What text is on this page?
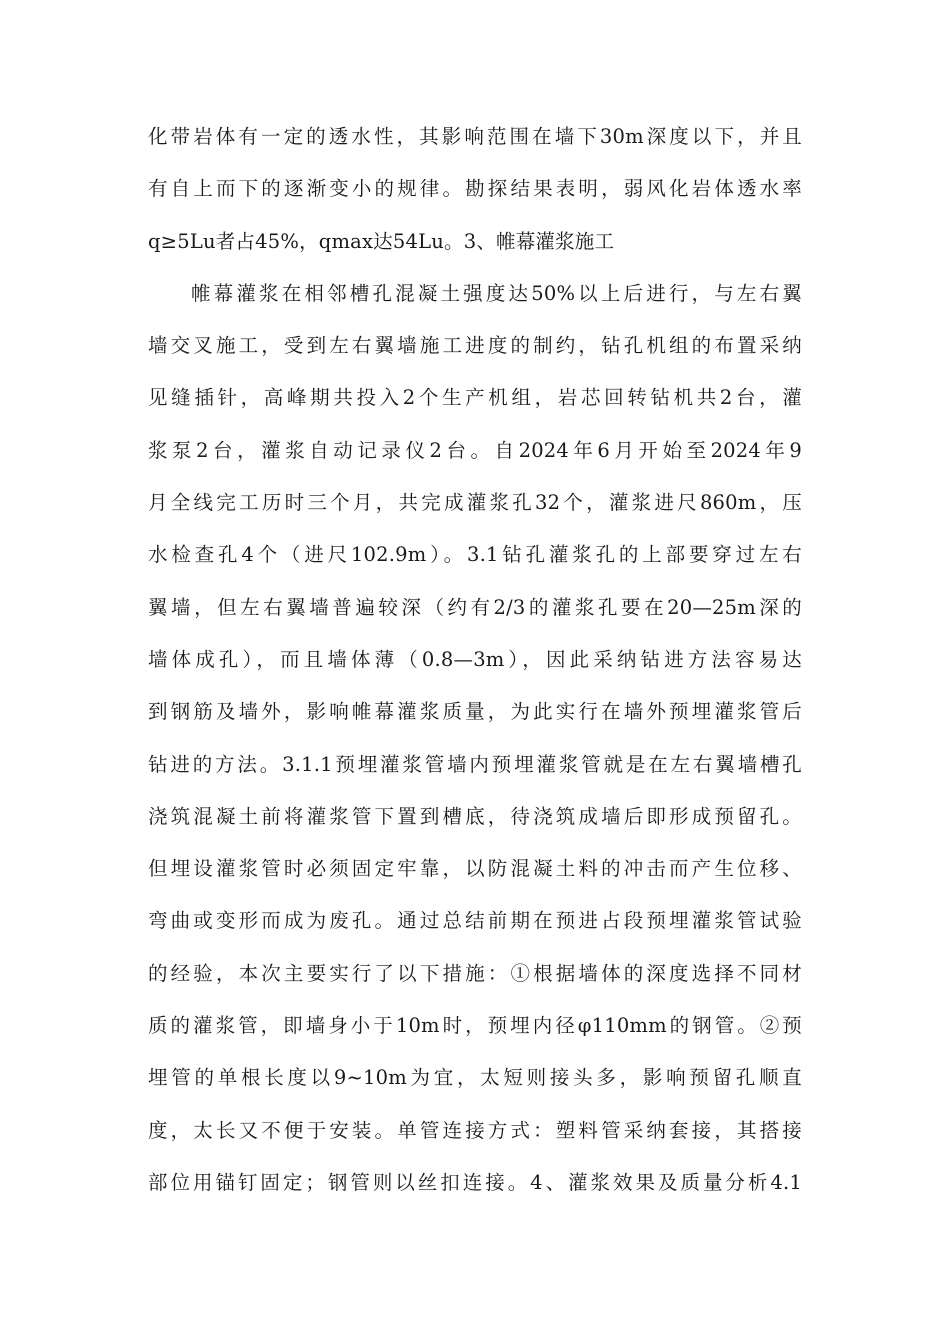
化带岩体有一定的透水性，其影响范围在墙下30m深度以下，并且
有自上而下的逐渐变小的规律。勘探结果表明，弱风化岩体透水率
q≥5Lu者占45%，qmax达54Lu。3、帷幕灌浆施工
帷幕灌浆在相邻槽孔混凝土强度达50%以上后进行，与左右翼
墙交叉施工，受到左右翼墙施工进度的制约，钻孔机组的布置采纳
见缝插针，高峰期共投入2个生产机组，岩芯回转钻机共2台，灌
浆泵2台，灌浆自动记录仪2台。自2024年6月开始至2024年9
月全线完工历时三个月，共完成灌浆孔32个，灌浆进尺860m，压
水检查孔4个（进尺102.9m）。3.1钻孔灌浆孔的上部要穿过左右
翼墙，但左右翼墙普遍较深（约有2/3的灌浆孔要在20—25m深的
墙体成孔），而且墙体薄（0.8—3m），因此采纳钻进方法容易达
到钢筋及墙外，影响帷幕灌浆质量，为此实行在墙外预埋灌浆管后
钻进的方法。3.1.1预埋灌浆管墙内预埋灌浆管就是在左右翼墙槽孔
浇筑混凝土前将灌浆管下置到槽底，待浇筑成墙后即形成预留孔。
但埋设灌浆管时必须固定牢靠，以防混凝土料的冲击而产生位移、
弯曲或变形而成为废孔。通过总结前期在预进占段预埋灌浆管试验
的经验，本次主要实行了以下措施：①根据墙体的深度选择不同材
质的灌浆管，即墙身小于10m时，预埋内径φ110mm的钢管。②预
埋管的单根长度以9~10m为宜，太短则接头多，影响预留孔顺直
度，太长又不便于安装。单管连接方式：塑料管采纳套接，其搭接
部位用锚钉固定；钢管则以丝扣连接。4、灌浆效果及质量分析4.1
